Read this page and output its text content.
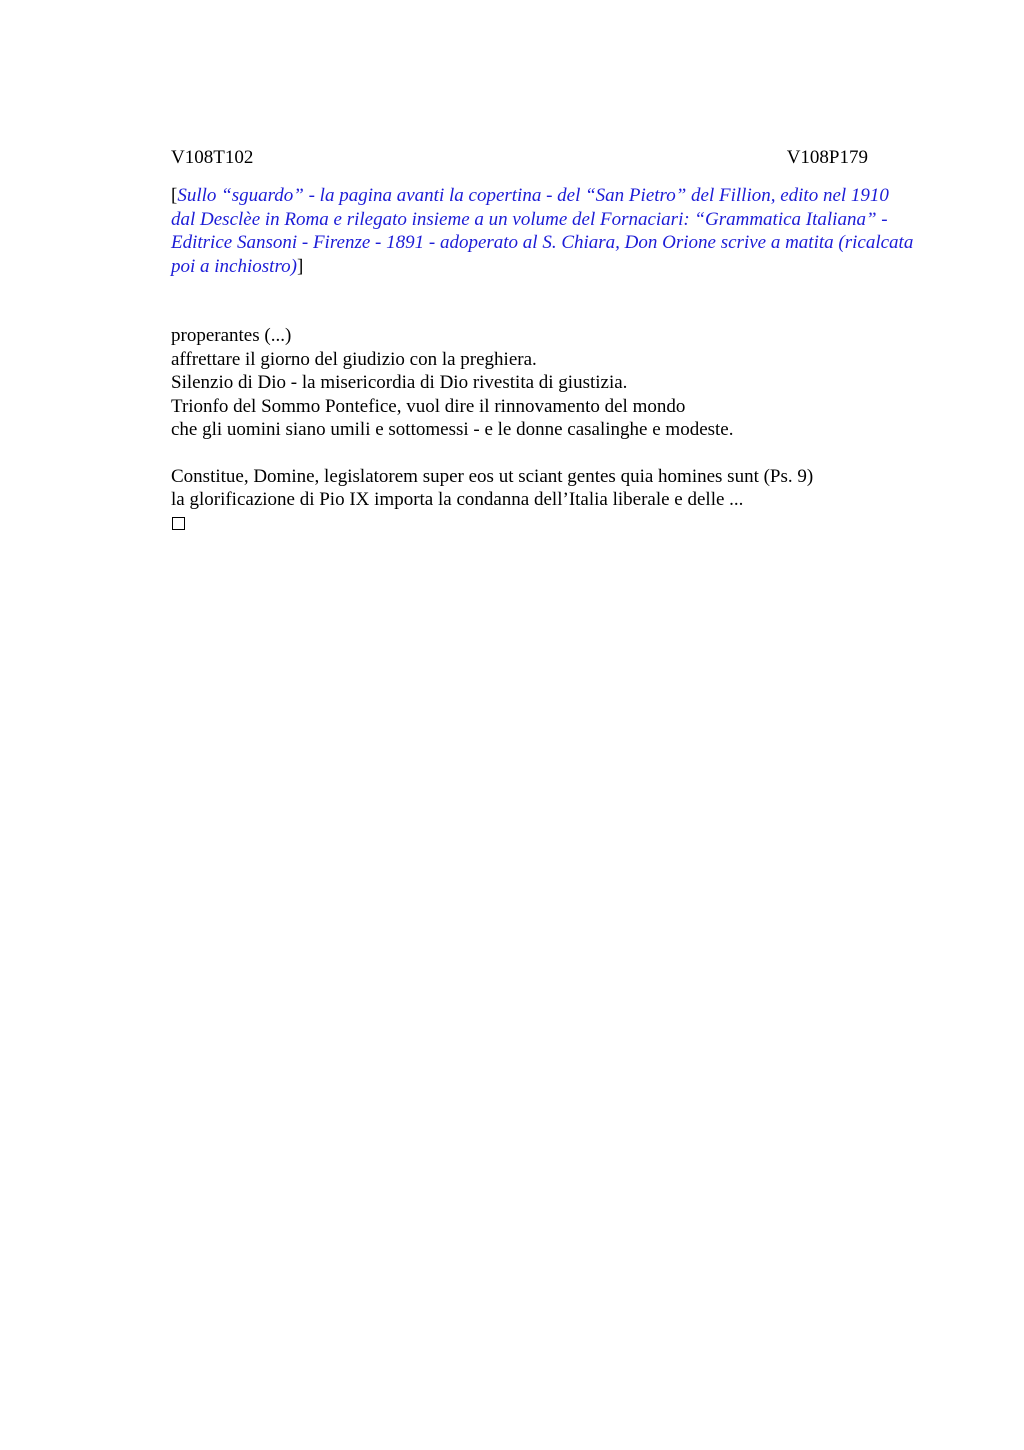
V108T102	V108P179
[Sullo “sguardo” - la pagina avanti la copertina - del “San Pietro” del Fillion, edito nel 1910 dal Desclèe in Roma e rilegato insieme a un volume del Fornaciari: “Grammatica Italiana” - Editrice Sansoni - Firenze - 1891 - adoperato al S. Chiara, Don Orione scrive a matita (ricalcata poi a inchiostro)]
properantes (...)
affrettare il giorno del giudizio con la preghiera.
Silenzio di Dio - la misericordia di Dio rivestita di giustizia.
Trionfo del Sommo Pontefice, vuol dire il rinnovamento del mondo
che gli uomini siano umili e sottomessi - e le donne casalinghe e modeste.
Constitue, Domine, legislatorem super eos ut sciant gentes quia homines sunt (Ps. 9)
la glorificazione di Pio IX importa la condanna dell’Italia liberale e delle ...
